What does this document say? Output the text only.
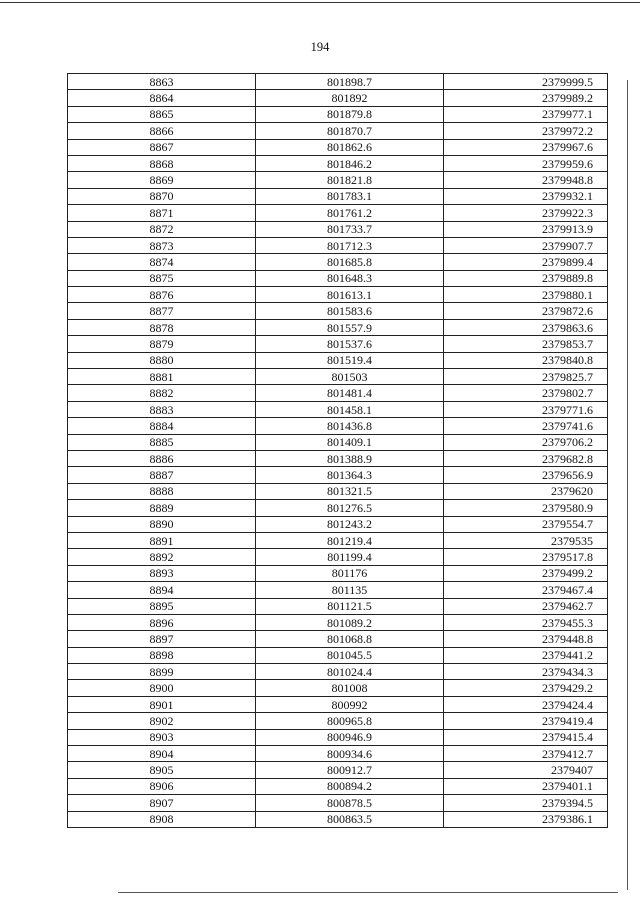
194
8863	801898.7	2379999.5
8864	801892	2379989.2
8865	801879.8	2379977.1
8866	801870.7	2379972.2
8867	801862.6	2379967.6
8868	801846.2	2379959.6
8869	801821.8	2379948.8
8870	801783.1	2379932.1
8871	801761.2	2379922.3
8872	801733.7	2379913.9
8873	801712.3	2379907.7
8874	801685.8	2379899.4
8875	801648.3	2379889.8
8876	801613.1	2379880.1
8877	801583.6	2379872.6
8878	801557.9	2379863.6
8879	801537.6	2379853.7
8880	801519.4	2379840.8
8881	801503	2379825.7
8882	801481.4	2379802.7
8883	801458.1	2379771.6
8884	801436.8	2379741.6
8885	801409.1	2379706.2
8886	801388.9	2379682.8
8887	801364.3	2379656.9
8888	801321.5	2379620
8889	801276.5	2379580.9
8890	801243.2	2379554.7
8891	801219.4	2379535
8892	801199.4	2379517.8
8893	801176	2379499.2
8894	801135	2379467.4
8895	801121.5	2379462.7
8896	801089.2	2379455.3
8897	801068.8	2379448.8
8898	801045.5	2379441.2
8899	801024.4	2379434.3
8900	801008	2379429.2
8901	800992	2379424.4
8902	800965.8	2379419.4
8903	800946.9	2379415.4
8904	800934.6	2379412.7
8905	800912.7	2379407
8906	800894.2	2379401.1
8907	800878.5	2379394.5
8908	800863.5	2379386.1
